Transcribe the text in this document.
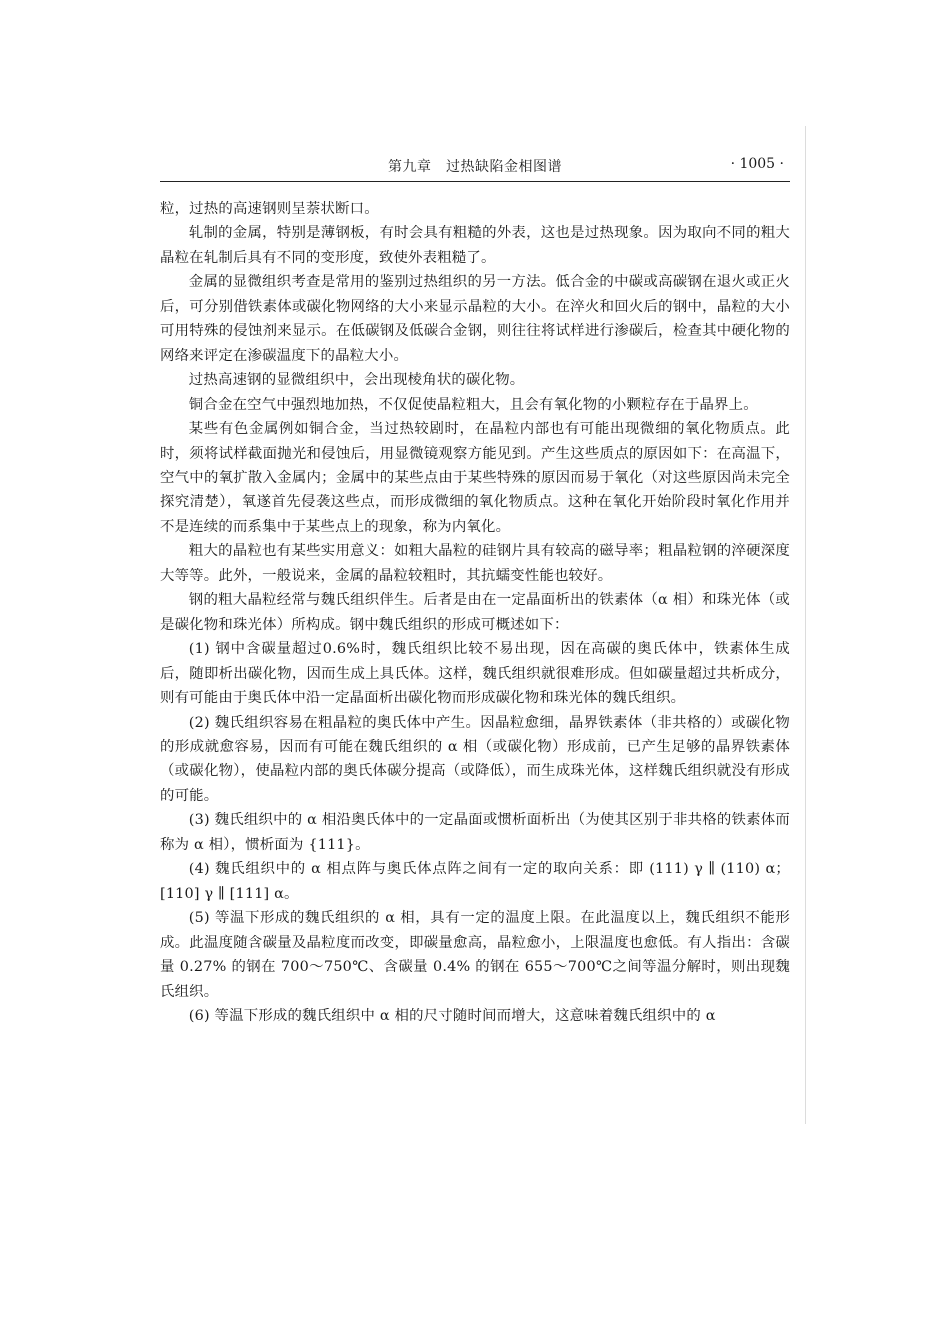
第九章　过热缺陷金相图谱	· 1005 ·

粒，过热的高速钢则呈萘状断口。

轧制的金属，特别是薄钢板，有时会具有粗糙的外表，这也是过热现象。因为取向不同的粗大晶粒在轧制后具有不同的变形度，致使外表粗糙了。

金属的显微组织考查是常用的鉴别过热组织的另一方法。低合金的中碳或高碳钢在退火或正火后，可分别借铁素体或碳化物网络的大小来显示晶粒的大小。在淬火和回火后的钢中，晶粒的大小可用特殊的侵蚀剂来显示。在低碳钢及低碳合金钢，则往往将试样进行渗碳后，检查其中硬化物的网络来评定在渗碳温度下的晶粒大小。

过热高速钢的显微组织中，会出现棱角状的碳化物。

铜合金在空气中强烈地加热，不仅促使晶粒粗大，且会有氧化物的小颗粒存在于晶界上。

某些有色金属例如铜合金，当过热较剧时，在晶粒内部也有可能出现微细的氧化物质点。此时，须将试样截面抛光和侵蚀后，用显微镜观察方能见到。产生这些质点的原因如下：在高温下，空气中的氧扩散入金属内；金属中的某些点由于某些特殊的原因而易于氧化（对这些原因尚未完全探究清楚），氧遂首先侵袭这些点，而形成微细的氧化物质点。这种在氧化开始阶段时氧化作用并不是连续的而系集中于某些点上的现象，称为内氧化。

粗大的晶粒也有某些实用意义：如粗大晶粒的硅钢片具有较高的磁导率；粗晶粒钢的淬硬深度大等等。此外，一般说来，金属的晶粒较粗时，其抗蠕变性能也较好。

钢的粗大晶粒经常与魏氏组织伴生。后者是由在一定晶面析出的铁素体（α 相）和珠光体（或是碳化物和珠光体）所构成。钢中魏氏组织的形成可概述如下：

(1) 钢中含碳量超过0.6%时，魏氏组织比较不易出现，因在高碳的奥氏体中，铁素体生成后，随即析出碳化物，因而生成上具氏体。这样，魏氏组织就很难形成。但如碳量超过共析成分，则有可能由于奥氏体中沿一定晶面析出碳化物而形成碳化物和珠光体的魏氏组织。

(2) 魏氏组织容易在粗晶粒的奥氏体中产生。因晶粒愈细，晶界铁素体（非共格的）或碳化物的形成就愈容易，因而有可能在魏氏组织的 α 相（或碳化物）形成前，已产生足够的晶界铁素体（或碳化物），使晶粒内部的奥氏体碳分提高（或降低），而生成珠光体，这样魏氏组织就没有形成的可能。

(3) 魏氏组织中的 α 相沿奥氏体中的一定晶面或惯析面析出（为使其区别于非共格的铁素体而称为 α 相），惯析面为 {111}。

(4) 魏氏组织中的 α 相点阵与奥氏体点阵之间有一定的取向关系：即 (111) γ ∥ (110) α；[110] γ ∥ [111] α。

(5) 等温下形成的魏氏组织的 α 相，具有一定的温度上限。在此温度以上，魏氏组织不能形成。此温度随含碳量及晶粒度而改变，即碳量愈高，晶粒愈小，上限温度也愈低。有人指出：含碳量 0.27% 的钢在 700～750℃、含碳量 0.4% 的钢在 655～700℃之间等温分解时，则出现魏氏组织。

(6) 等温下形成的魏氏组织中 α 相的尺寸随时间而增大，这意味着魏氏组织中的 α
